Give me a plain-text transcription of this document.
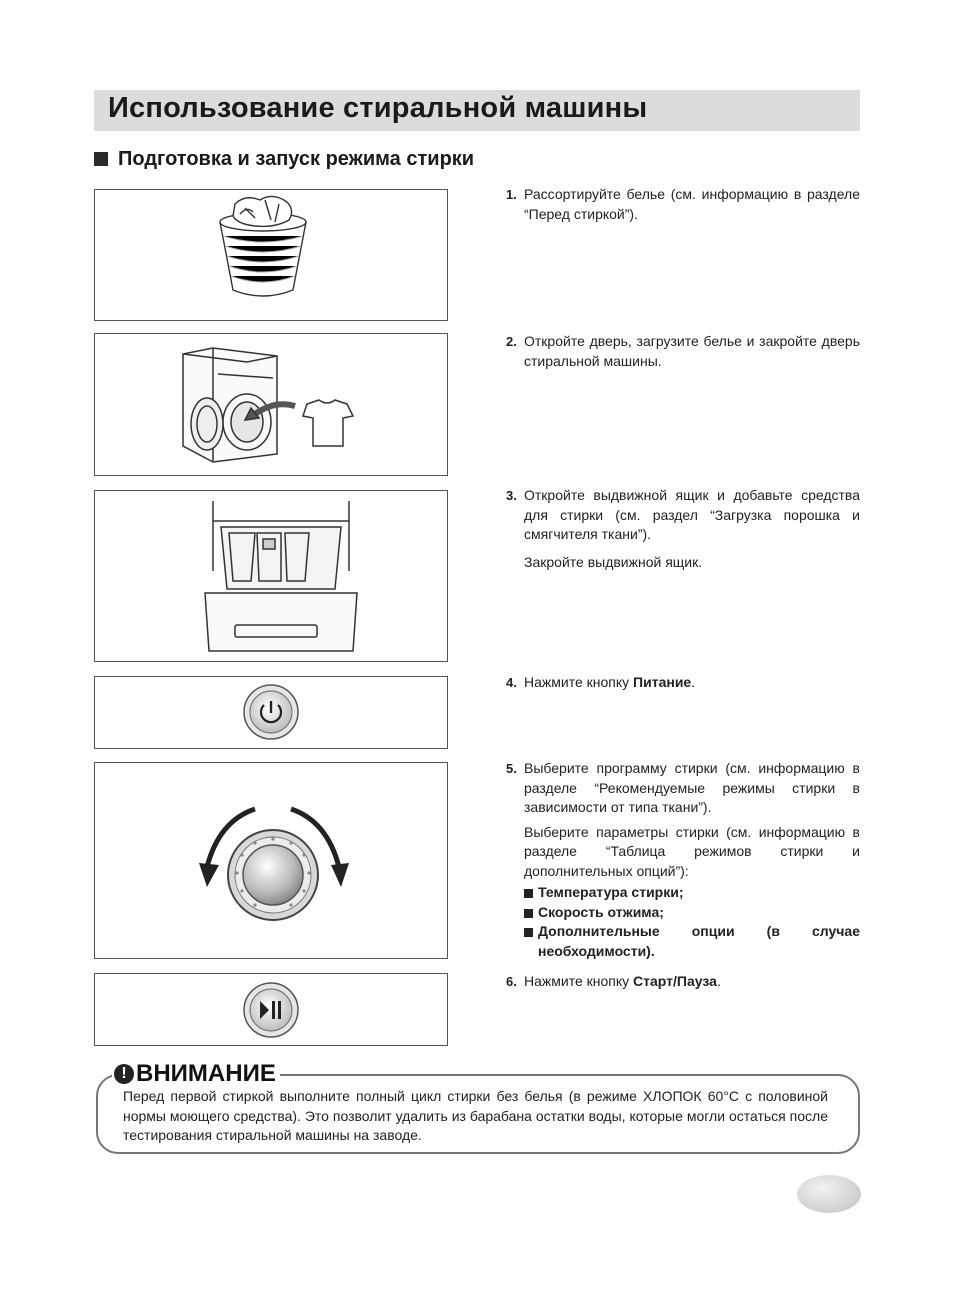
Использование стиральной машины
Подготовка и запуск режима стирки
1. Рассортируйте белье (см. информацию в разделе “Перед стиркой”).

2. Откройте дверь, загрузите белье и закройте дверь стиральной машины.

3. Откройте выдвижной ящик и добавьте средства для стирки (см. раздел “Загрузка порошка и смягчителя ткани”).

Закройте выдвижной ящик.

4. Нажмите кнопку Питание.

5. Выберите программу стирки (см. информацию в разделе “Рекомендуемые режимы стирки в зависимости от типа ткани”).

Выберите параметры стирки (см. информацию в разделе “Таблица режимов стирки и дополнительных опций”):

Температура стирки;
Скорость отжима;
Дополнительные опции (в случае необходимости).
6. Нажмите кнопку Старт/Пауза.

! ВНИМАНИЕ
Перед первой стиркой выполните полный цикл стирки без белья (в режиме ХЛОПОК 60°C с половиной нормы моющего средства). Это позволит удалить из барабана остатки воды, которые могли остаться после тестирования стиральной машины на заводе.
